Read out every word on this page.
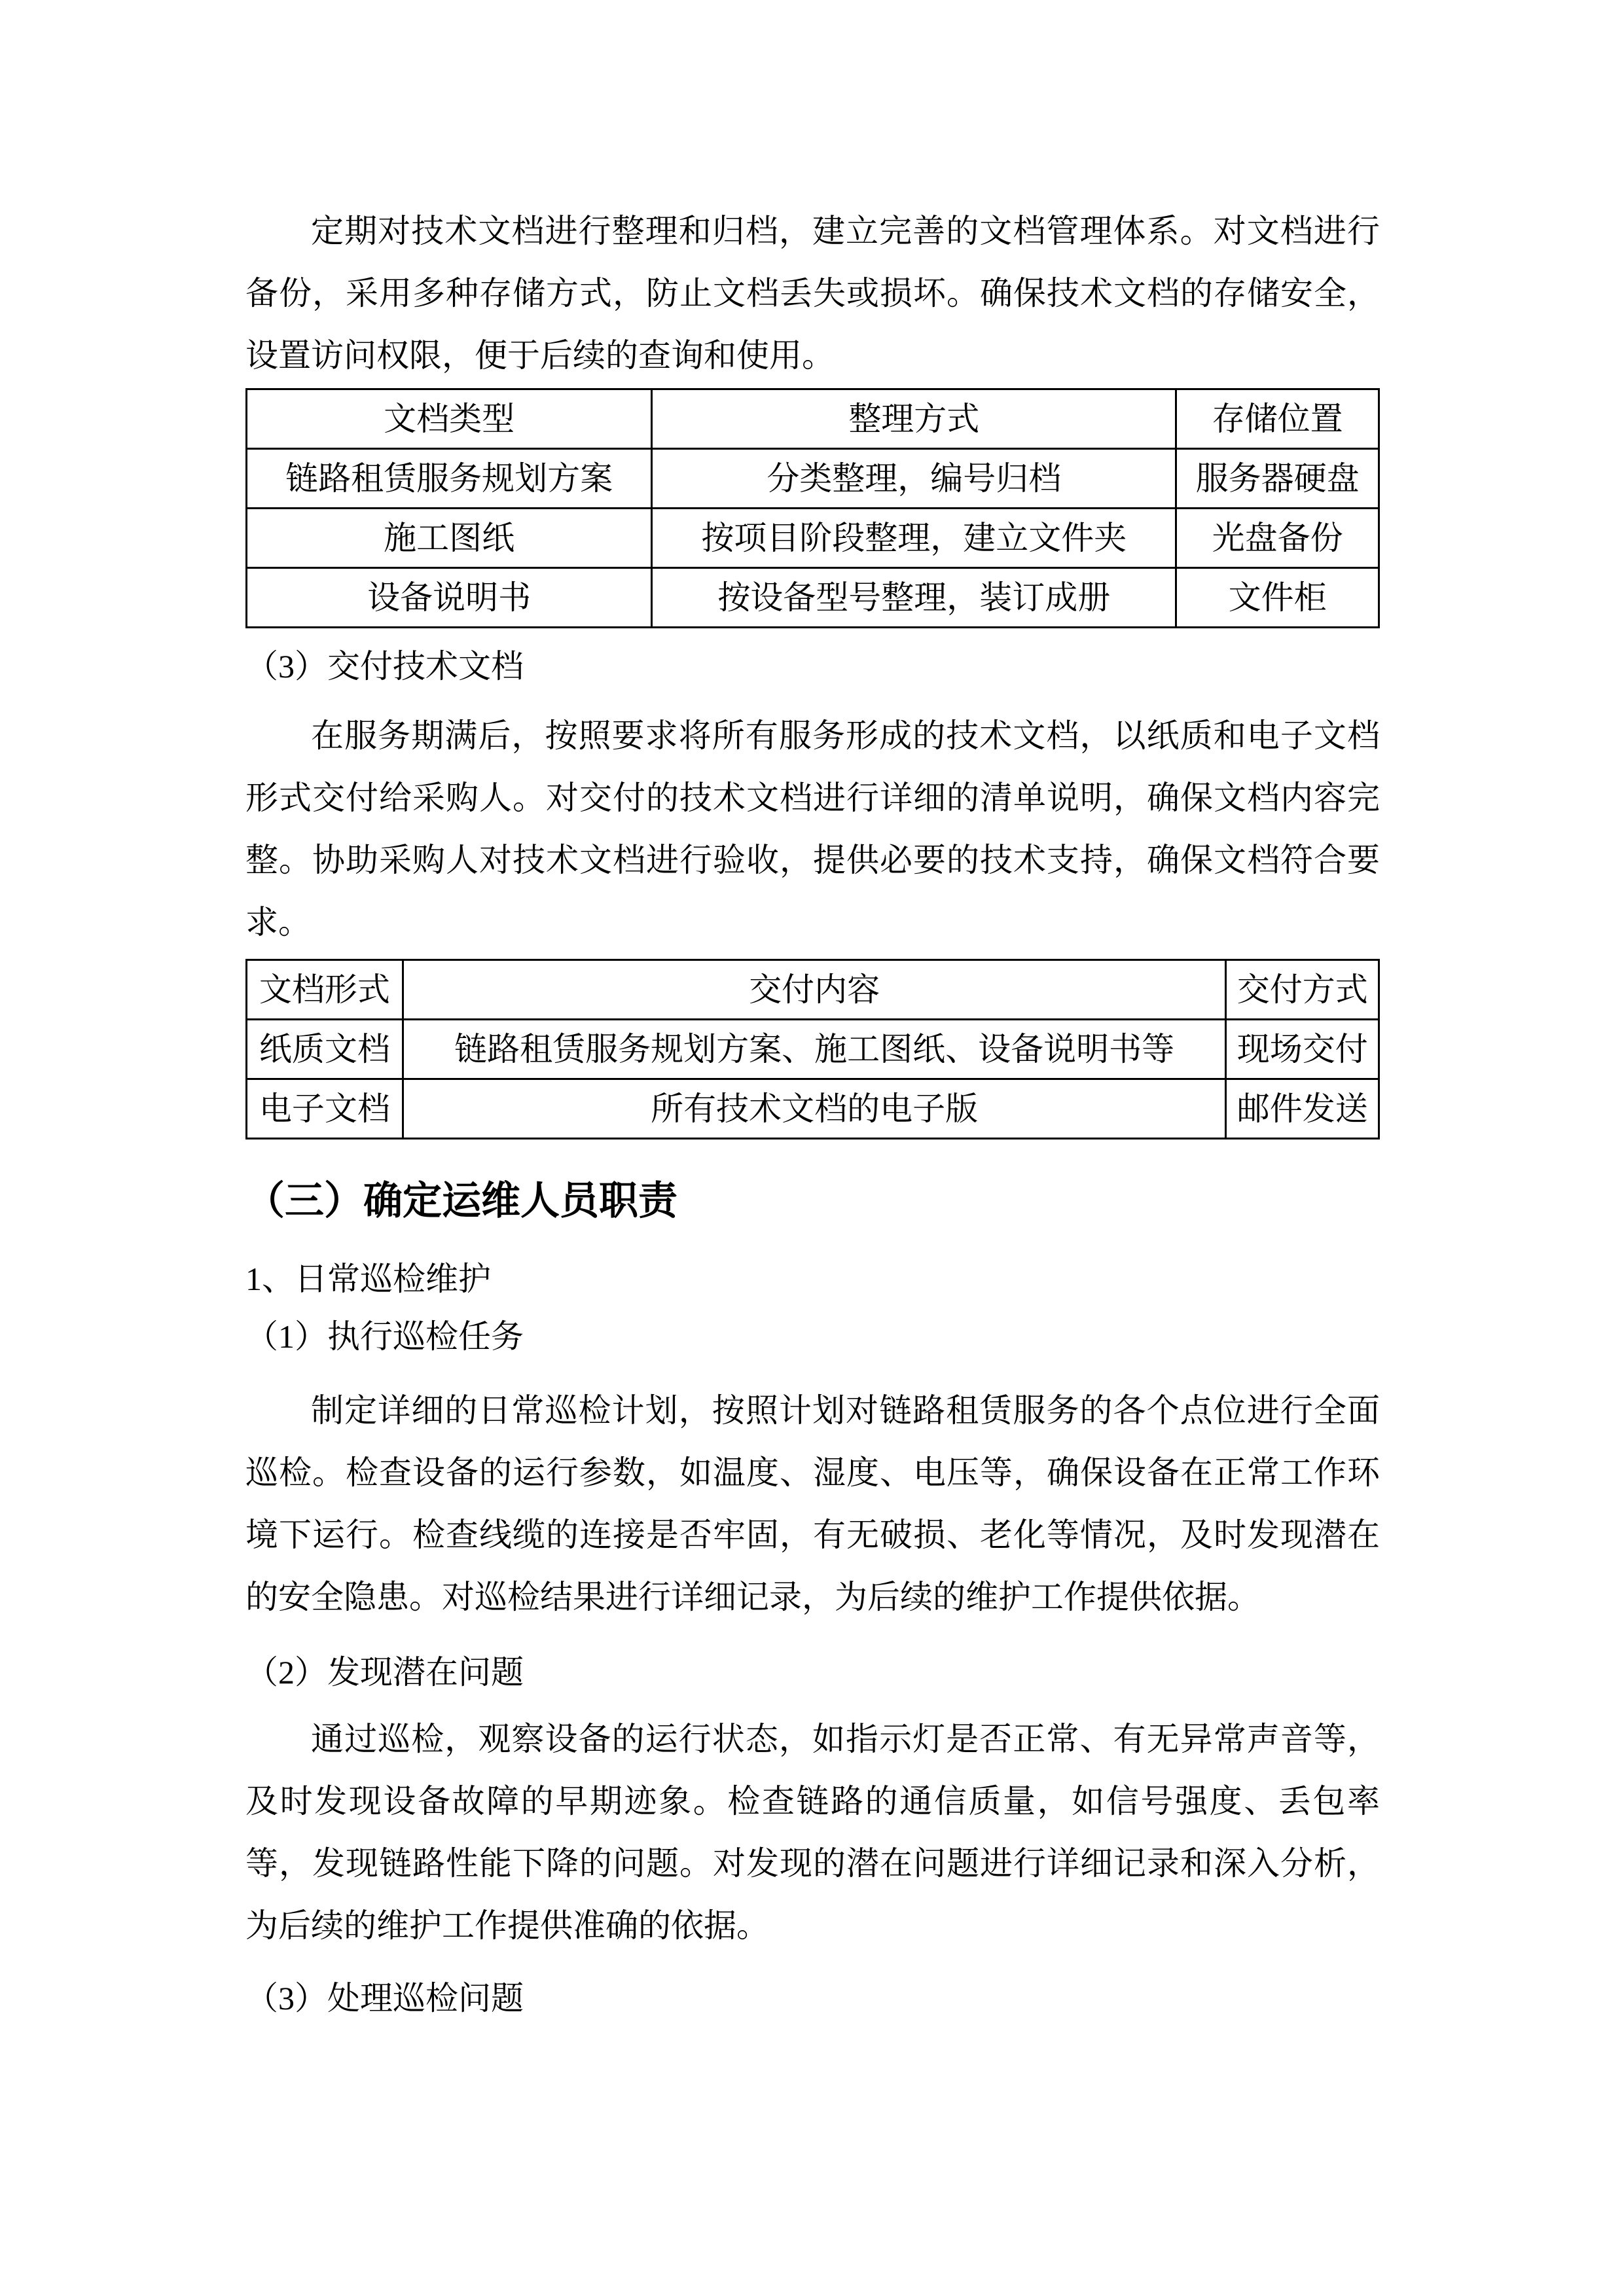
定期对技术文档进行整理和归档，建立完善的文档管理体系。对文档进行备份，采用多种存储方式，防止文档丢失或损坏。确保技术文档的存储安全，设置访问权限，便于后续的查询和使用。

文档类型	整理方式	存储位置
链路租赁服务规划方案	分类整理，编号归档	服务器硬盘
施工图纸	按项目阶段整理，建立文件夹	光盘备份
设备说明书	按设备型号整理，装订成册	文件柜

（3）交付技术文档

在服务期满后，按照要求将所有服务形成的技术文档，以纸质和电子文档形式交付给采购人。对交付的技术文档进行详细的清单说明，确保文档内容完整。协助采购人对技术文档进行验收，提供必要的技术支持，确保文档符合要求。

文档形式	交付内容	交付方式
纸质文档	链路租赁服务规划方案、施工图纸、设备说明书等	现场交付
电子文档	所有技术文档的电子版	邮件发送
（三）确定运维人员职责

1、日常巡检维护

（1）执行巡检任务

制定详细的日常巡检计划，按照计划对链路租赁服务的各个点位进行全面巡检。检查设备的运行参数，如温度、湿度、电压等，确保设备在正常工作环境下运行。检查线缆的连接是否牢固，有无破损、老化等情况，及时发现潜在的安全隐患。对巡检结果进行详细记录，为后续的维护工作提供依据。

（2）发现潜在问题

通过巡检，观察设备的运行状态，如指示灯是否正常、有无异常声音等，及时发现设备故障的早期迹象。检查链路的通信质量，如信号强度、丢包率等，发现链路性能下降的问题。对发现的潜在问题进行详细记录和深入分析，为后续的维护工作提供准确的依据。

（3）处理巡检问题
